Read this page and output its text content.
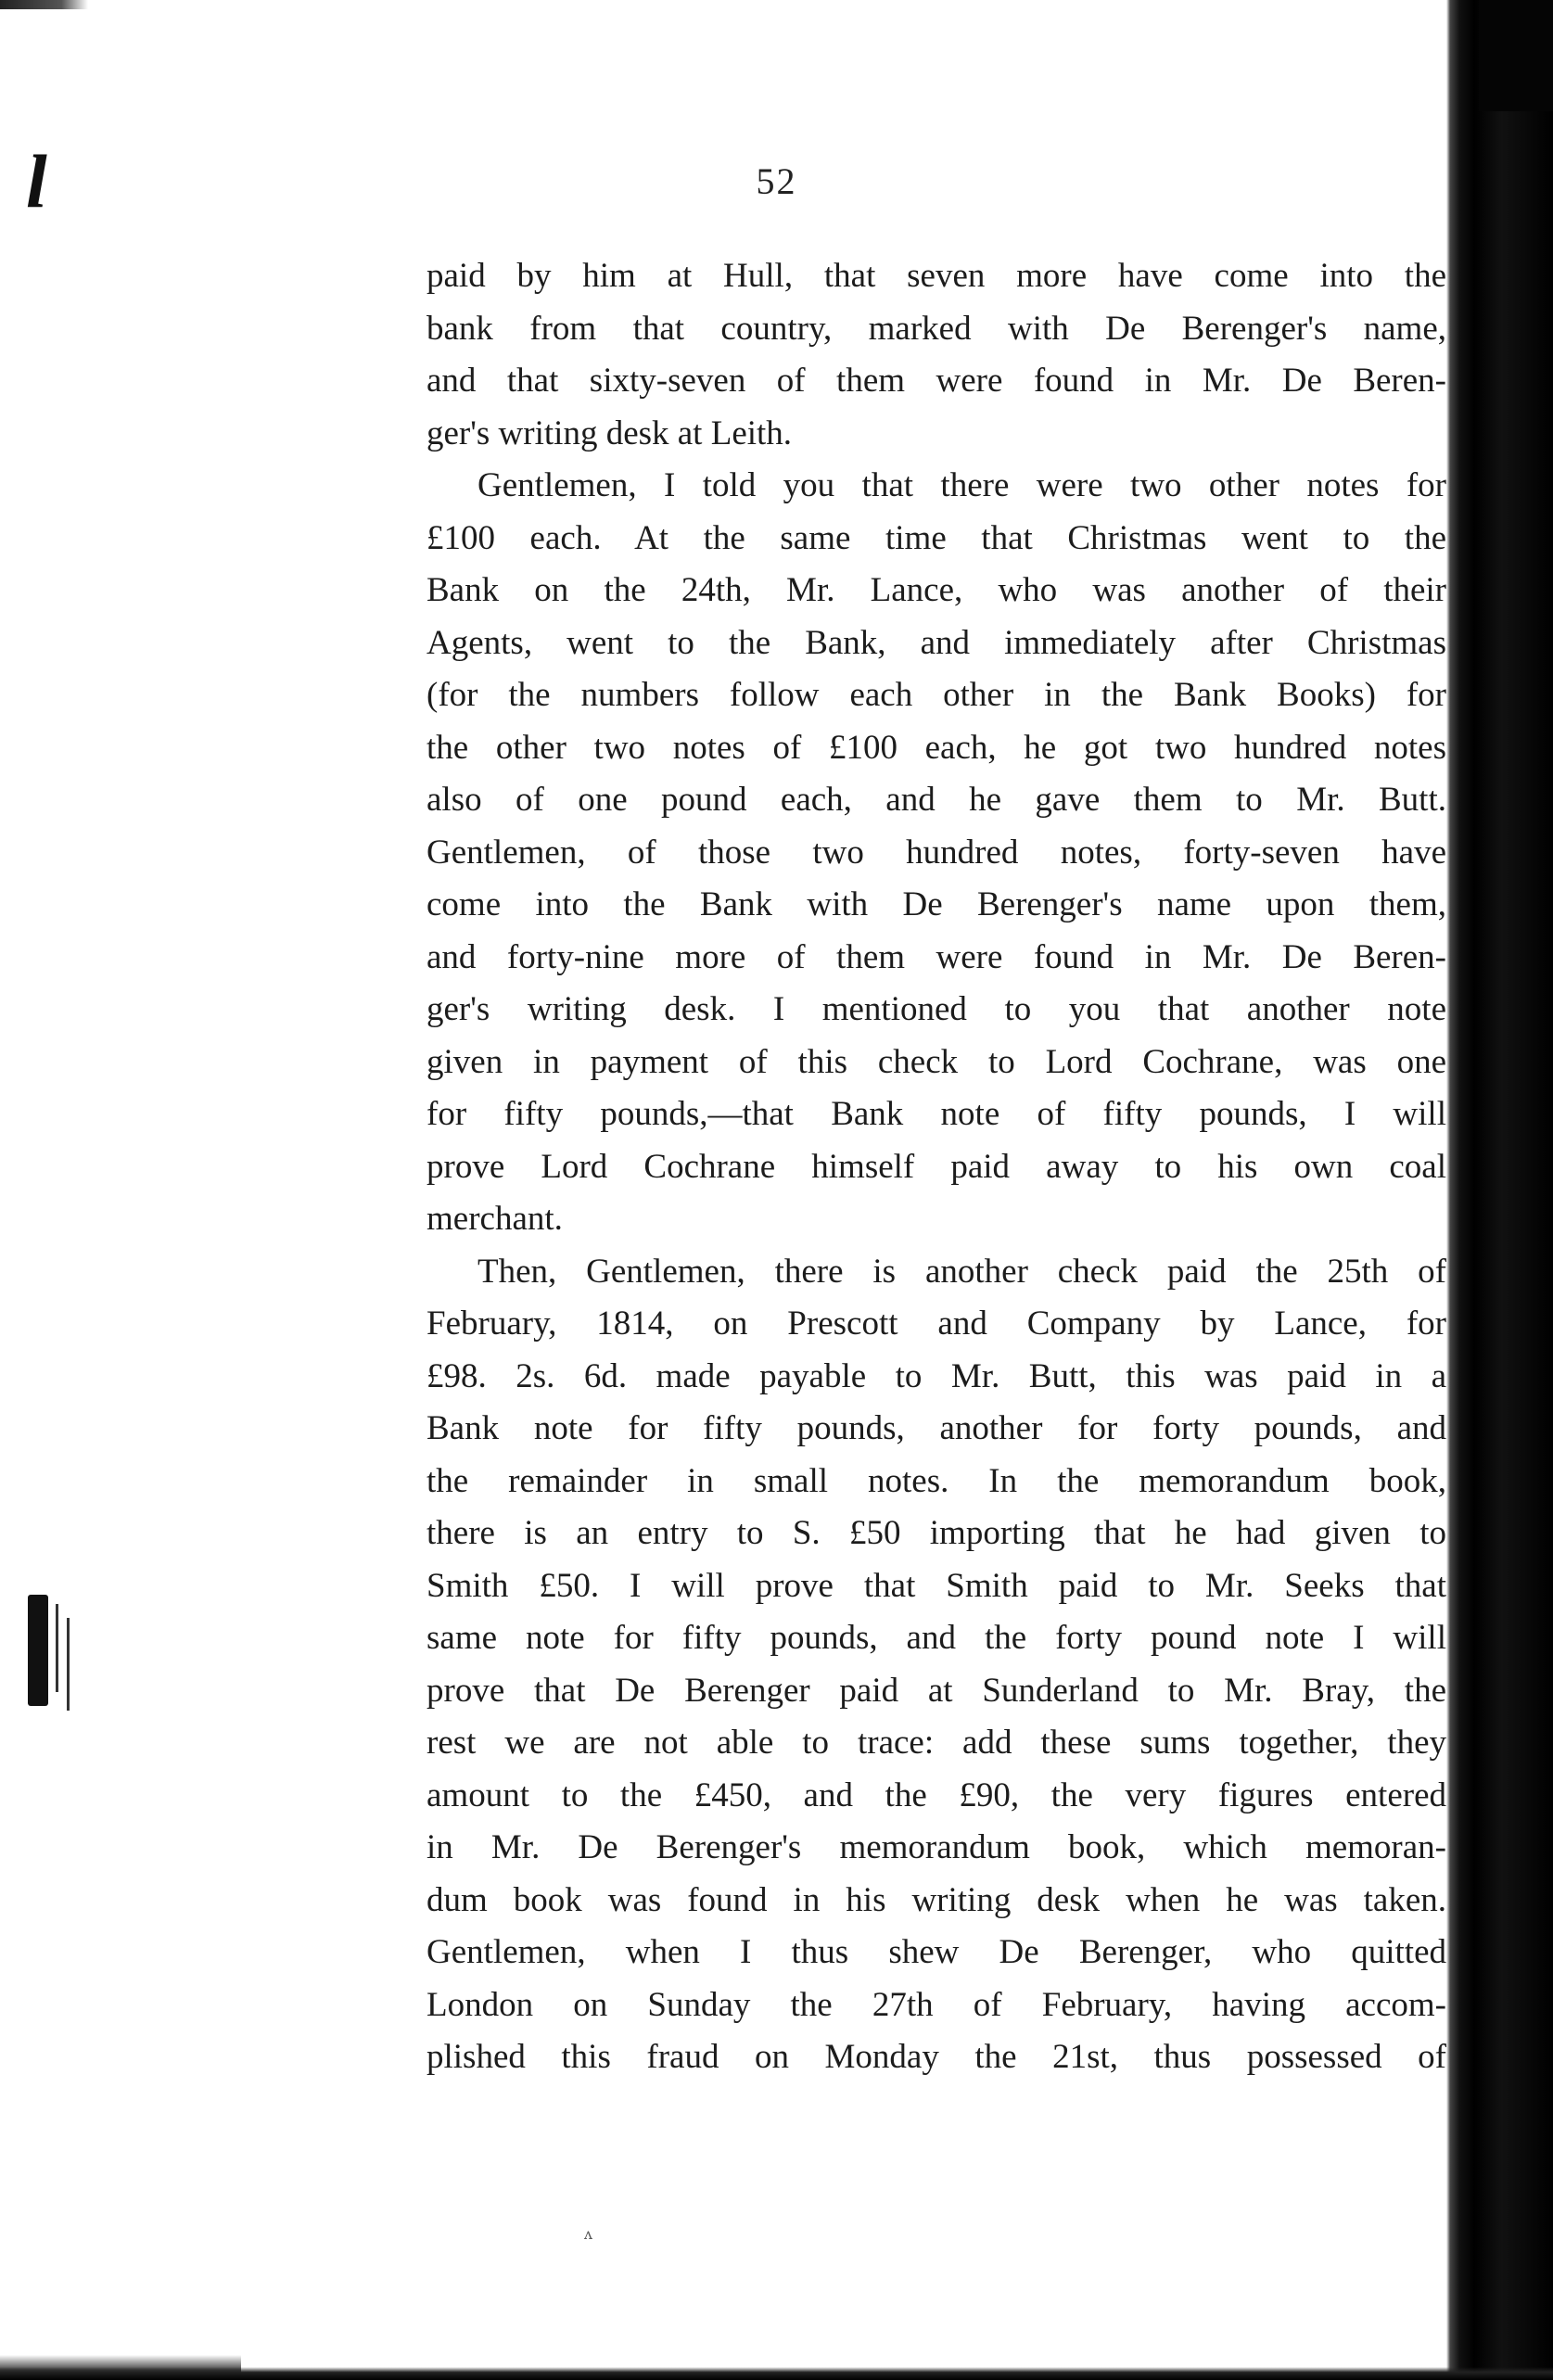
l	52
paid by him at Hull, that seven more have come into the
bank from that country, marked with De Berenger's name,
and that sixty-seven of them were found in Mr. De Beren-
ger's writing desk at Leith.
Gentlemen, I told you that there were two other notes for
£100 each. At the same time that Christmas went to the
Bank on the 24th, Mr. Lance, who was another of their
Agents, went to the Bank, and immediately after Christmas
(for the numbers follow each other in the Bank Books) for
the other two notes of £100 each, he got two hundred notes
also of one pound each, and he gave them to Mr. Butt.
Gentlemen, of those two hundred notes, forty-seven have
come into the Bank with De Berenger's name upon them,
and forty-nine more of them were found in Mr. De Beren-
ger's writing desk. I mentioned to you that another note
given in payment of this check to Lord Cochrane, was one
for fifty pounds,—that Bank note of fifty pounds, I will
prove Lord Cochrane himself paid away to his own coal
merchant.
Then, Gentlemen, there is another check paid the 25th of
February, 1814, on Prescott and Company by Lance, for
£98. 2s. 6d. made payable to Mr. Butt, this was paid in a
Bank note for fifty pounds, another for forty pounds, and
the remainder in small notes. In the memorandum book,
there is an entry to S. £50 importing that he had given to
Smith £50. I will prove that Smith paid to Mr. Seeks that
same note for fifty pounds, and the forty pound note I will
prove that De Berenger paid at Sunderland to Mr. Bray, the
rest we are not able to trace: add these sums together, they
amount to the £450, and the £90, the very figures entered
in Mr. De Berenger's memorandum book, which memoran-
dum book was found in his writing desk when he was taken.
Gentlemen, when I thus shew De Berenger, who quitted
London on Sunday the 27th of February, having accom-
plished this fraud on Monday the 21st, thus possessed of
ʌ
